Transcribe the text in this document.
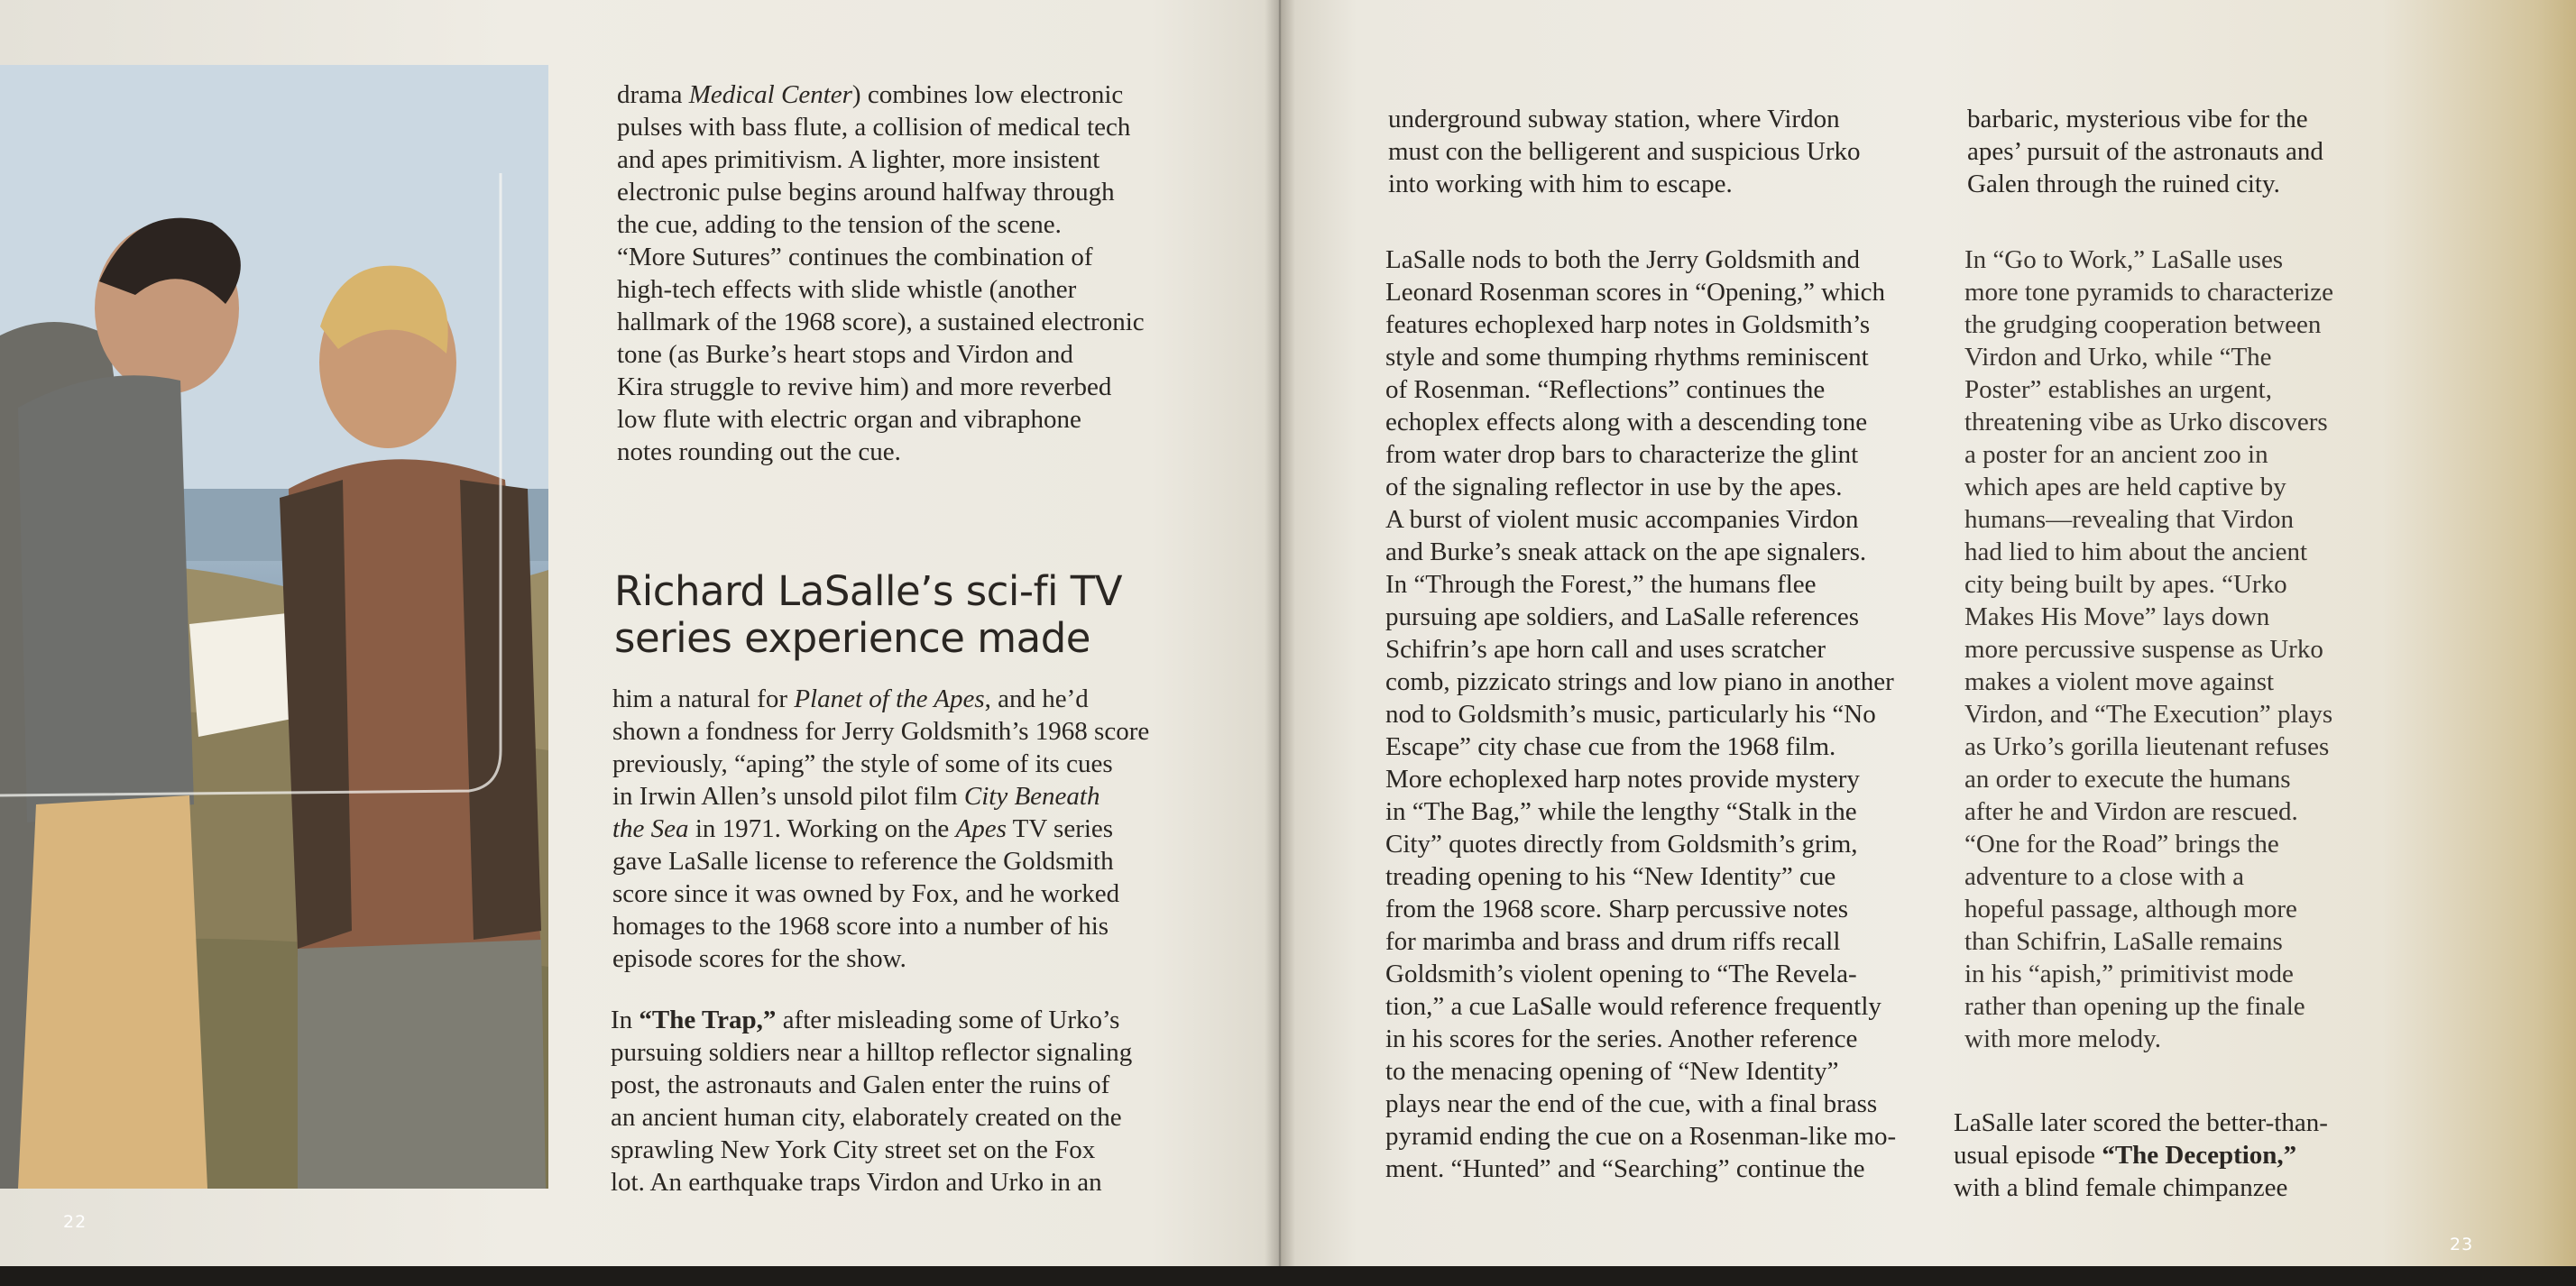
drama Medical Center) combines low electronic

pulses with bass flute, a collision of medical tech

and apes primitivism. A lighter, more insistent

electronic pulse begins around halfway through

the cue, adding to the tension of the scene.

“More Sutures” continues the combination of

high-tech effects with slide whistle (another

hallmark of the 1968 score), a sustained electronic

tone (as Burke’s heart stops and Virdon and

Kira struggle to revive him) and more reverbed

low flute with electric organ and vibraphone

notes rounding out the cue.

Richard LaSalle’s sci-fi TV
series experience made

him a natural for Planet of the Apes, and he’d

shown a fondness for Jerry Goldsmith’s 1968 score

previously, “aping” the style of some of its cues

in Irwin Allen’s unsold pilot film City Beneath

the Sea in 1971. Working on the Apes TV series

gave LaSalle license to reference the Goldsmith

score since it was owned by Fox, and he worked

homages to the 1968 score into a number of his

episode scores for the show.

In “The Trap,” after misleading some of Urko’s

pursuing soldiers near a hilltop reflector signaling

post, the astronauts and Galen enter the ruins of

an ancient human city, elaborately created on the

sprawling New York City street set on the Fox

lot. An earthquake traps Virdon and Urko in an

22
23

underground subway station, where Virdon

must con the belligerent and suspicious Urko

into working with him to escape.

LaSalle nods to both the Jerry Goldsmith and

Leonard Rosenman scores in “Opening,” which

features echoplexed harp notes in Goldsmith’s

style and some thumping rhythms reminiscent

of Rosenman. “Reflections” continues the

echoplex effects along with a descending tone

from water drop bars to characterize the glint

of the signaling reflector in use by the apes.

A burst of violent music accompanies Virdon

and Burke’s sneak attack on the ape signalers.

In “Through the Forest,” the humans flee

pursuing ape soldiers, and LaSalle references

Schifrin’s ape horn call and uses scratcher

comb, pizzicato strings and low piano in another

nod to Goldsmith’s music, particularly his “No

Escape” city chase cue from the 1968 film.

More echoplexed harp notes provide mystery

in “The Bag,” while the lengthy “Stalk in the

City” quotes directly from Goldsmith’s grim,

treading opening to his “New Identity” cue

from the 1968 score. Sharp percussive notes

for marimba and brass and drum riffs recall

Goldsmith’s violent opening to “The Revela-

tion,” a cue LaSalle would reference frequently

in his scores for the series. Another reference

to the menacing opening of “New Identity”

plays near the end of the cue, with a final brass

pyramid ending the cue on a Rosenman-like mo-

ment. “Hunted” and “Searching” continue the

barbaric, mysterious vibe for the

apes’ pursuit of the astronauts and

Galen through the ruined city.

In “Go to Work,” LaSalle uses

more tone pyramids to characterize

the grudging cooperation between

Virdon and Urko, while “The

Poster” establishes an urgent,

threatening vibe as Urko discovers

a poster for an ancient zoo in

which apes are held captive by

humans—revealing that Virdon

had lied to him about the ancient

city being built by apes. “Urko

Makes His Move” lays down

more percussive suspense as Urko

makes a violent move against

Virdon, and “The Execution” plays

as Urko’s gorilla lieutenant refuses

an order to execute the humans

after he and Virdon are rescued.

“One for the Road” brings the

adventure to a close with a

hopeful passage, although more

than Schifrin, LaSalle remains

in his “apish,” primitivist mode

rather than opening up the finale

with more melody.

LaSalle later scored the better-than-

usual episode “The Deception,”

with a blind female chimpanzee
